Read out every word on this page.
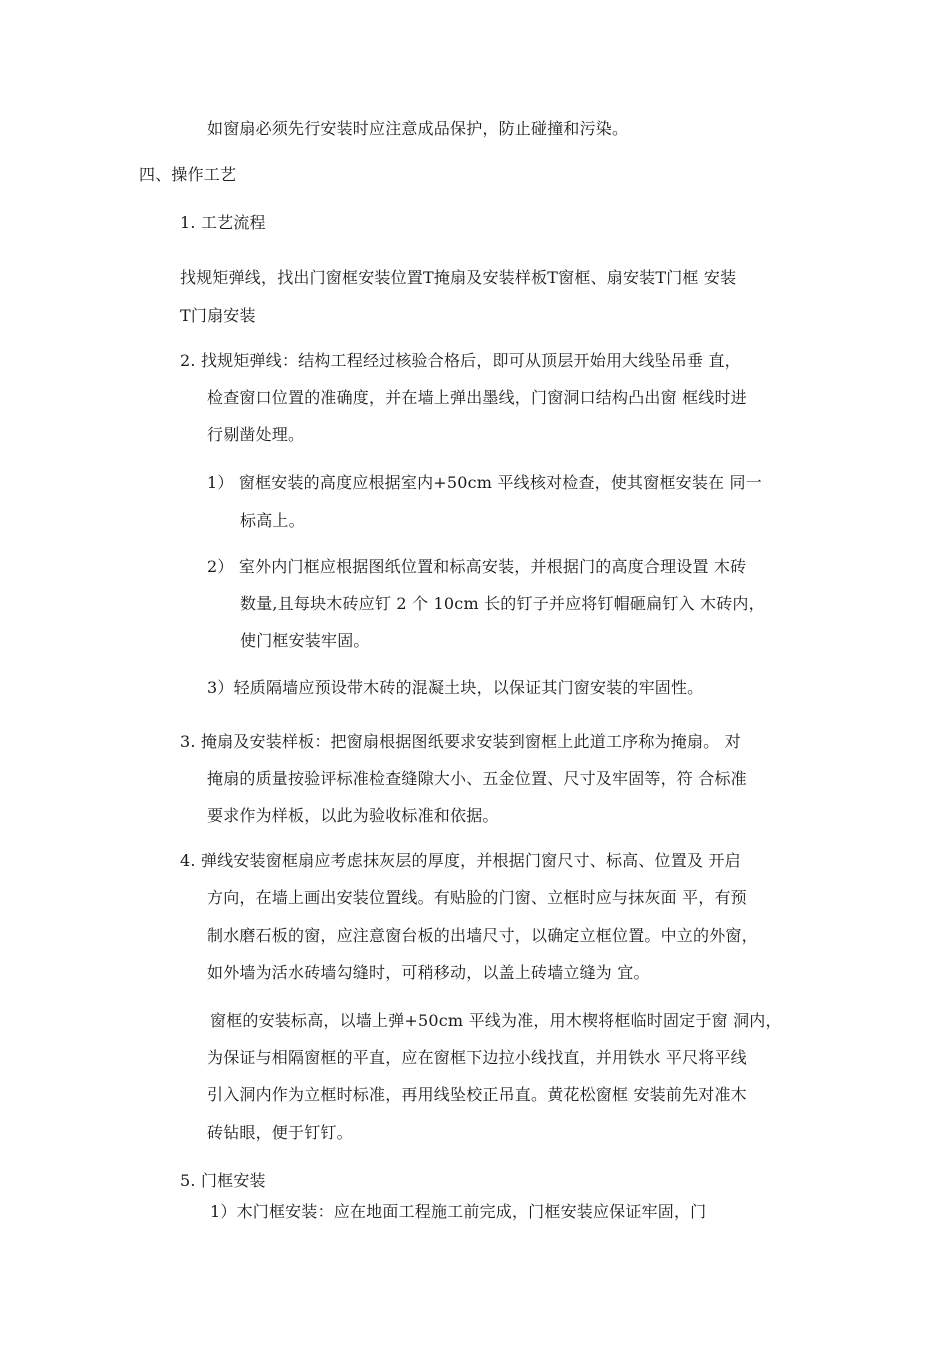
如窗扇必须先行安装时应注意成品保护，防止碰撞和污染。
四、操作工艺
1. 工艺流程
找规矩弹线，找出门窗框安装位置T掩扇及安装样板T窗框、扇安装T门框 安装
T门扇安装
2. 找规矩弹线：结构工程经过核验合格后，即可从顶层开始用大线坠吊垂 直，
检查窗口位置的准确度，并在墙上弹出墨线，门窗洞口结构凸出窗 框线时进
行剔凿处理。
1） 窗框安装的高度应根据室内+50cm 平线核对检查，使其窗框安装在 同一
标高上。
2） 室外内门框应根据图纸位置和标高安装，并根据门的高度合理设置 木砖
数量,且每块木砖应钉 2 个 10cm 长的钉子并应将钉帽砸扁钉入 木砖内，
使门框安装牢固。
3）轻质隔墙应预设带木砖的混凝土块，以保证其门窗安装的牢固性。
3. 掩扇及安装样板：把窗扇根据图纸要求安装到窗框上此道工序称为掩扇。 对
掩扇的质量按验评标准检查缝隙大小、五金位置、尺寸及牢固等，符 合标准
要求作为样板，以此为验收标准和依据。
4. 弹线安装窗框扇应考虑抹灰层的厚度，并根据门窗尺寸、标高、位置及 开启
方向，在墙上画出安装位置线。有贴脸的门窗、立框时应与抹灰面 平，有预
制水磨石板的窗，应注意窗台板的出墙尺寸，以确定立框位置。中立的外窗，
如外墙为活水砖墙勾缝时，可稍移动，以盖上砖墙立缝为 宜。
窗框的安装标高，以墙上弹+50cm 平线为准，用木楔将框临时固定于窗 洞内，
为保证与相隔窗框的平直，应在窗框下边拉小线找直，并用铁水 平尺将平线
引入洞内作为立框时标准，再用线坠校正吊直。黄花松窗框 安装前先对准木
砖钻眼，便于钉钉。
5. 门框安装
1）木门框安装：应在地面工程施工前完成，门框安装应保证牢固，门
